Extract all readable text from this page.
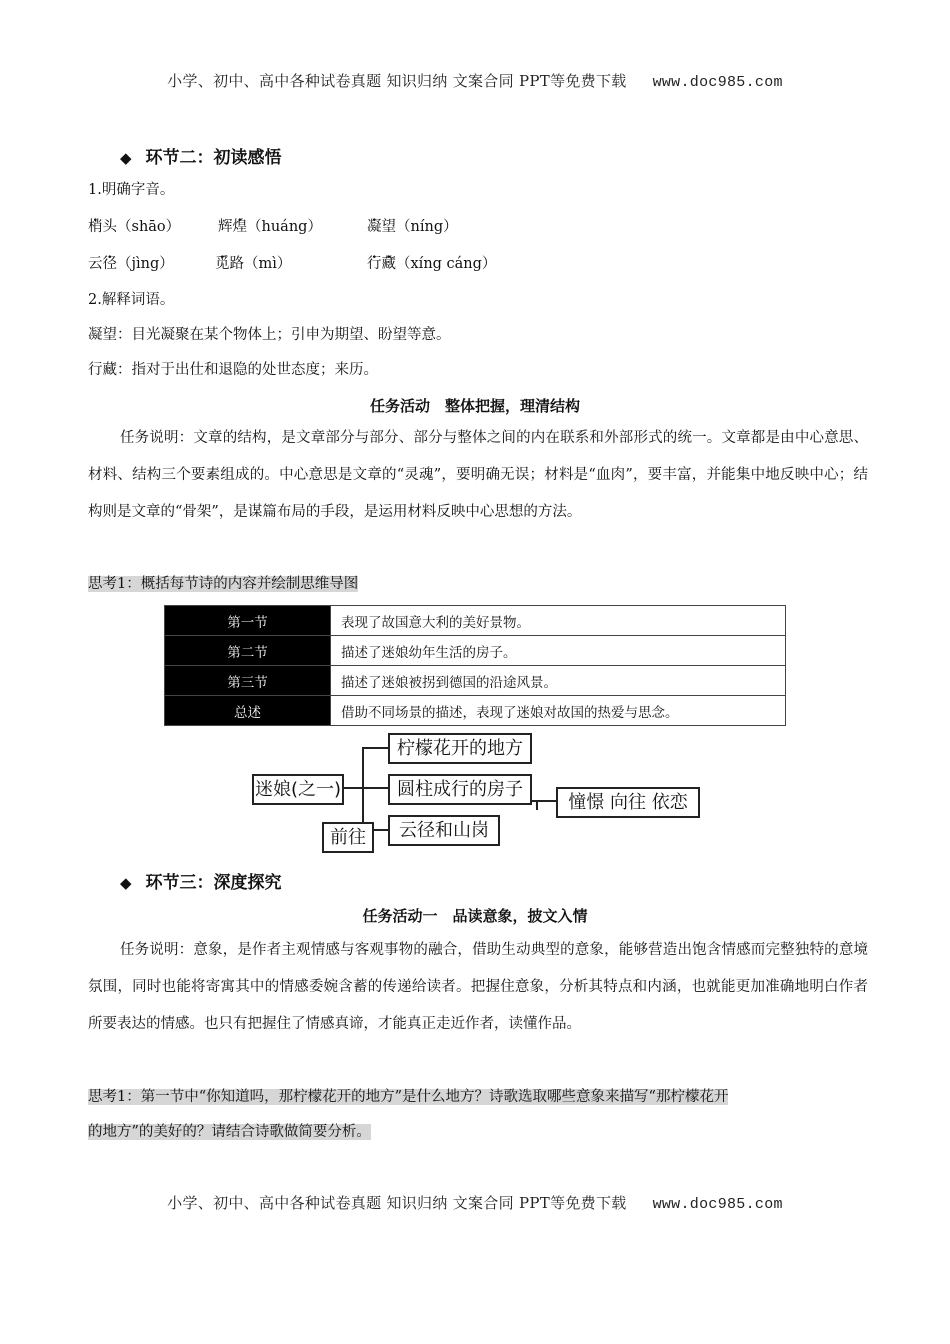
小学、初中、高中各种试卷真题 知识归纳 文案合同 PPT等免费下载 www.doc985.com
◆ 环节二：初读感悟
1.明确字音。
梢头（shāo）	辉煌（huáng）	凝望（níng）
云径（jìng）	觅路（mì）	行藏（xíng cáng）
2.解释词语。
凝望：目光凝聚在某个物体上；引申为期望、盼望等意。
行藏：指对于出仕和退隐的处世态度；来历。
任务活动　整体把握，理清结构
任务说明：文章的结构，是文章部分与部分、部分与整体之间的内在联系和外部形式的统一。文章都是由中心意思、材料、结构三个要素组成的。中心意思是文章的“灵魂”，要明确无误；材料是“血肉”，要丰富，并能集中地反映中心；结构则是文章的“骨架”，是谋篇布局的手段，是运用材料反映中心思想的方法。
思考1：概括每节诗的内容并绘制思维导图
第一节	表现了故国意大利的美好景物。
第二节	描述了迷娘幼年生活的房子。
第三节	描述了迷娘被拐到德国的沿途风景。
总述	借助不同场景的描述，表现了迷娘对故国的热爱与思念。
迷娘(之一)
柠檬花开的地方
圆柱成行的房子
云径和山岗
前往
憧憬 向往 依恋
◆ 环节三：深度探究
任务活动一　品读意象，披文入情
任务说明：意象，是作者主观情感与客观事物的融合，借助生动典型的意象，能够营造出饱含情感而完整独特的意境氛围，同时也能将寄寓其中的情感委婉含蓄的传递给读者。把握住意象，分析其特点和内涵，也就能更加准确地明白作者所要表达的情感。也只有把握住了情感真谛，才能真正走近作者，读懂作品。
思考1：第一节中“你知道吗，那柠檬花开的地方”是什么地方？诗歌选取哪些意象来描写“那柠檬花开
的地方”的美好的？请结合诗歌做简要分析。
小学、初中、高中各种试卷真题 知识归纳 文案合同 PPT等免费下载 www.doc985.com
